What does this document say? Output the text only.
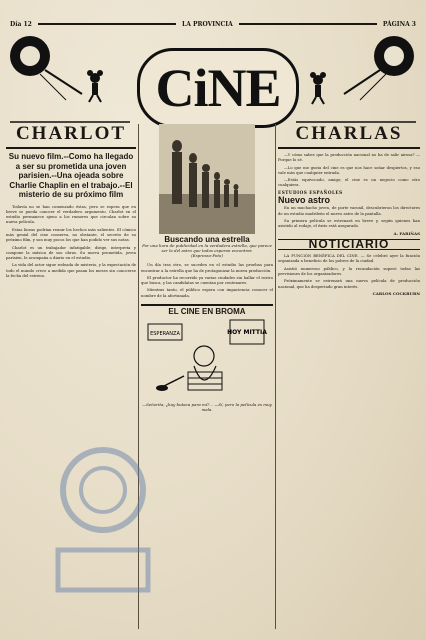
Día 12	LA PROVINCIA	PÁGINA 3
CiNE
CHARLOT
Su nuevo film.--Como ha llegado a ser su prometida una joven parisien.--Una ojeada sobre Charlie Chaplin en el trabajo.--El misterio de su próximo film

Todavía no se han comenzado éstas, pero se espera que en breve se pueda conocer el verdadero argumento. Charlot en el estudio permanece ajeno a los rumores que circulan sobre su nueva película.

Estas lineas podrían reunir los hechos más salientes. El cómico más genial del cine conserva, no obstante, el secreto de su próximo film, y son muy pocos los que han podido ver sus notas.

Charlot es un trabajador infatigable; dirige, interpreta y compone la música de sus obras. Su nueva prometida, joven parisien, le acompaña a diario en el estudio.

La vida del actor sigue rodeada de misterio, y la expectación de todo el mundo crece a medida que pasan los meses sin conocerse la fecha del estreno.

Buscando una estrella
Por una hora de publicidad en la verdadera estrella, que parece ser la del astro que todos esperan encontrar.
(Espresso-Foto)

Un día tras otro, se suceden en el estudio las pruebas para encontrar a la estrella que ha de protagonizar la nueva producción.

El productor ha recorrido ya varias ciudades sin hallar el rostro que busca, y las candidatas se cuentan por centenares.

Mientras tanto, el público espera con impaciencia conocer el nombre de la afortunada.

EL CINE EN BROMA
ESPERANZA	HOY MITTIA
—Señorita, ¿hay butaca para mí?... —Sí, pero la película es muy mala.
CHARLAS

—Y cómo sabes que la producción nacional no ha de salir airosa? —Porque lo sé.

—Lo que me gusta del cine es que nos hace soñar despiertos, y eso vale más que cualquier entrada.

—Estás equivocado, amigo; el cine es un negocio como otro cualquiera.

ESTUDIOS ESPAÑOLES
Nuevo astro

En un muchacho joven, de porte varonil, descubrieron los directores de un estudio madrileño el nuevo astro de la pantalla.

Su primera película se estrenará en breve y, según quienes han asistido al rodaje, el éxito está asegurado.

A. FARIÑAS
NOTICIARIO

LA FUNCIÓN BENÉFICA DEL CINE. — Se celebró ayer la función organizada a beneficio de los pobres de la ciudad.

Asistió numeroso público, y la recaudación superó todas las previsiones de los organizadores.

Próximamente se estrenará una nueva película de producción nacional, que ha despertado gran interés.

CARLOS COCKBURN
